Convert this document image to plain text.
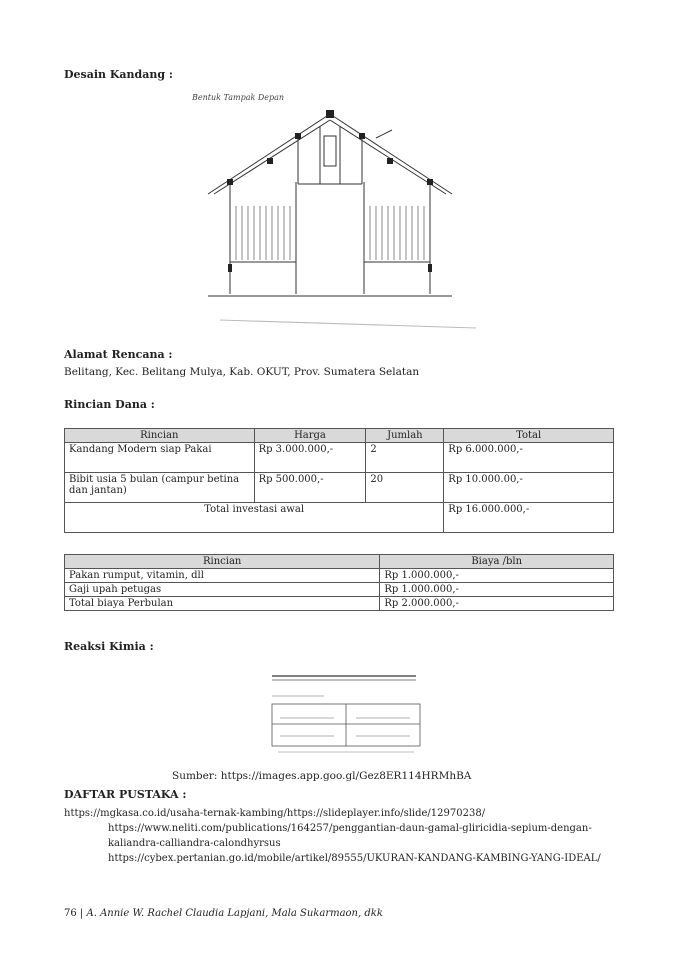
Desain Kandang :
Bentuk Tampak Depan
Alamat Rencana :
Belitang, Kec. Belitang Mulya, Kab. OKUT, Prov. Sumatera Selatan
Rincian Dana :
Rincian	Harga	Jumlah	Total
Kandang Modern siap Pakai	Rp 3.000.000,-	2	Rp 6.000.000,-
Bibit usia 5 bulan (campur betina dan jantan)	Rp 500.000,-	20	Rp 10.000.00,-
Total investasi awal			Rp 16.000.000,-
Rincian	Biaya /bln
Pakan rumput, vitamin, dll	Rp 1.000.000,-
Gaji upah petugas	Rp 1.000.000,-
Total biaya Perbulan	Rp 2.000.000,-
Reaksi Kimia :
Sumber: https://images.app.goo.gl/Gez8ER114HRMhBA
DAFTAR PUSTAKA :
https://mgkasa.co.id/usaha-ternak-kambing/https://slideplayer.info/slide/12970238/
https://www.neliti.com/publications/164257/penggantian-daun-gamal-gliricidia-sepium-dengan-kaliandra-calliandra-calondhyrsus
https://cybex.pertanian.go.id/mobile/artikel/89555/UKURAN-KANDANG-KAMBING-YANG-IDEAL/
76 | A. Annie W. Rachel Claudia Lapjani, Mala Sukarmaon, dkk
